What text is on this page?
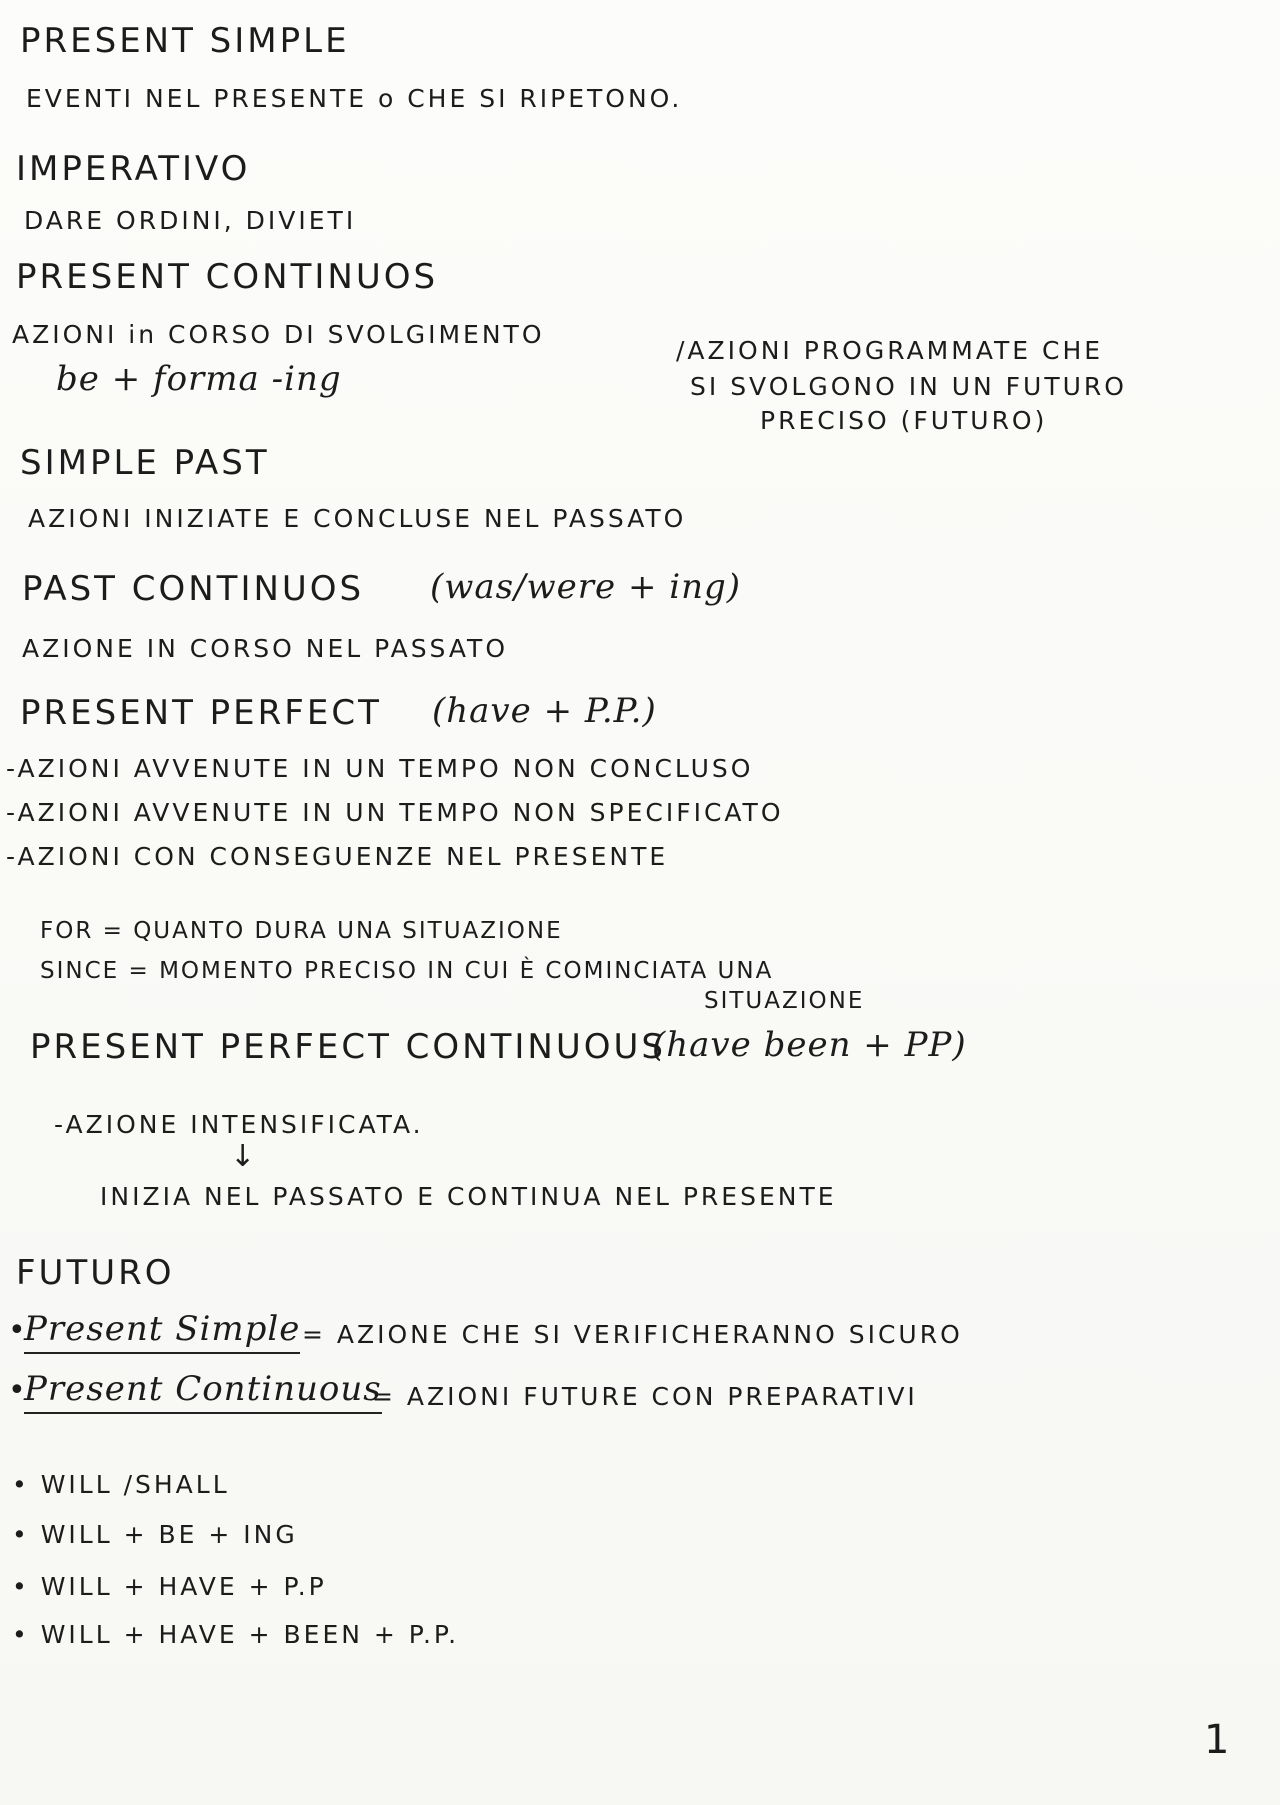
PRESENT SIMPLE
EVENTI NEL PRESENTE o CHE SI RIPETONO.
IMPERATIVO
DARE ORDINI, DIVIETI
PRESENT CONTINUOS
AZIONI in CORSO DI SVOLGIMENTO
/AZIONI PROGRAMMATE CHE
be + forma -ing	SI SVOLGONO IN UN FUTURO
PRECISO (FUTURO)
SIMPLE PAST
AZIONI INIZIATE E CONCLUSE NEL PASSATO
PAST CONTINUOS (was/were + ing)
AZIONE IN CORSO NEL PASSATO
PRESENT PERFECT (have + P.P.)
-AZIONI AVVENUTE IN UN TEMPO NON CONCLUSO
-AZIONI AVVENUTE IN UN TEMPO NON SPECIFICATO
-AZIONI CON CONSEGUENZE NEL PRESENTE
FOR = QUANTO DURA UNA SITUAZIONE
SINCE = MOMENTO PRECISO IN CUI È COMINCIATA UNA
SITUAZIONE
PRESENT PERFECT CONTINUOUS
(have been + PP)
-AZIONE INTENSIFICATA.
↓
INIZIA NEL PASSATO E CONTINUA NEL PRESENTE
FUTURO
•
Present Simple = AZIONE CHE SI VERIFICHERANNO SICURO
•
Present Continuous
= AZIONI FUTURE CON PREPARATIVI
• WILL /SHALL
• WILL + BE + ING
• WILL + HAVE + P.P
• WILL + HAVE + BEEN + P.P.
1
